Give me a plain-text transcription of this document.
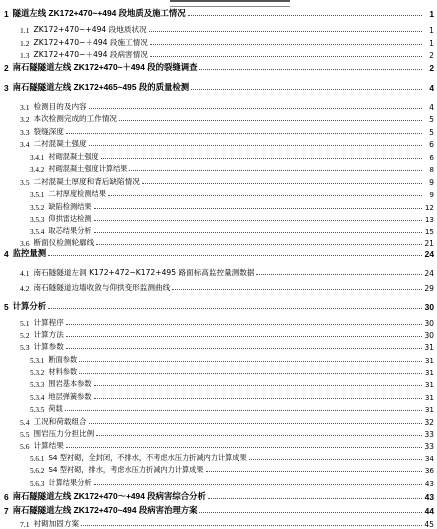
1 隧道左线 ZK172+470~+494 段地质及施工情况	1
1.1 ZK172+470~+494 段地质状况	1
1.2 ZK172+470~＋494 段施工情况	1
1.3 ZK172+470~＋494 段病害情况	2
2 南石隧隧道左线 ZK172+470~＋494 段的裂缝调查	2
3 南石隧隧道左线 ZK172+465~495 段的质量检测	4
3.1 检测目的及内容	4
3.2 本次检测完成的工作情况	5
3.3 裂缝深度	5
3.4 二衬混凝土强度	6
3.4.1 衬砌混凝土强度	6
3.4.2 衬砌混凝土强度计算结果	8
3.5 二衬混凝土厚度和背后缺陷情况	9
3.5.1 二衬厚度检测结果	9
3.5.2 缺陷检测结果	12
3.5.3 仰拱雷达检测	13
3.5.4 取芯结果分析	15
3.6 断面仪检测轮廓线	21
4 监控量测	24
4.1 南石隧隧道左洞 K172+472~K172+495 路面标高监控量测数据	24
4.2 南石隧隧道边墙收敛与仰拱变形监测曲线	29
5 计算分析	30
5.1 计算程序	30
5.2 计算方法	30
5.3 计算参数	31
5.3.1 断面参数	31
5.3.2 材料参数	31
5.3.3 围岩基本参数	31
5.3.4 地层弹簧参数	31
5.3.5 荷载	31
5.4 工况和荷载组合	32
5.5 围岩压力分担比例	33
5.6 计算结果	33
5.6.1 S4 型衬砌，全封闭，不排水，不考虑水压力折减内力计算成果	34
5.6.2 S4 型衬砌，排水，考虑水压力折减内力计算成果	36
5.6.3 计算结果分析	43
6 南石隧隧道左线 ZK172+470～+494 段病害综合分析	43
7 南石隧隧道左线 ZK172+470~494 段病害治理方案	44
7.1 衬砌加固方案	45
